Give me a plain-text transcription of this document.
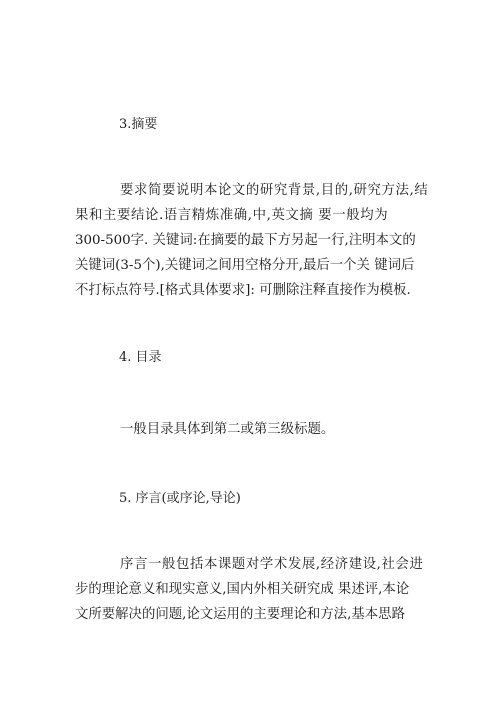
3.摘要
要求简要说明本论文的研究背景,目的,研究方法,结
果和主要结论.语言精炼准确,中,英文摘 要一般均为
300-500字. 关键词:在摘要的最下方另起一行,注明本文的
关键词(3-5个),关键词之间用空格分开,最后一个关 键词后
不打标点符号.[格式具体要求]: 可删除注释直接作为模板.
4. 目录
一般目录具体到第二或第三级标题。
5. 序言(或序论,导论)
序言一般包括本课题对学术发展,经济建设,社会进
步的理论意义和现实意义,国内外相关研究成 果述评,本论
文所要解决的问题,论文运用的主要理论和方法,基本思路
